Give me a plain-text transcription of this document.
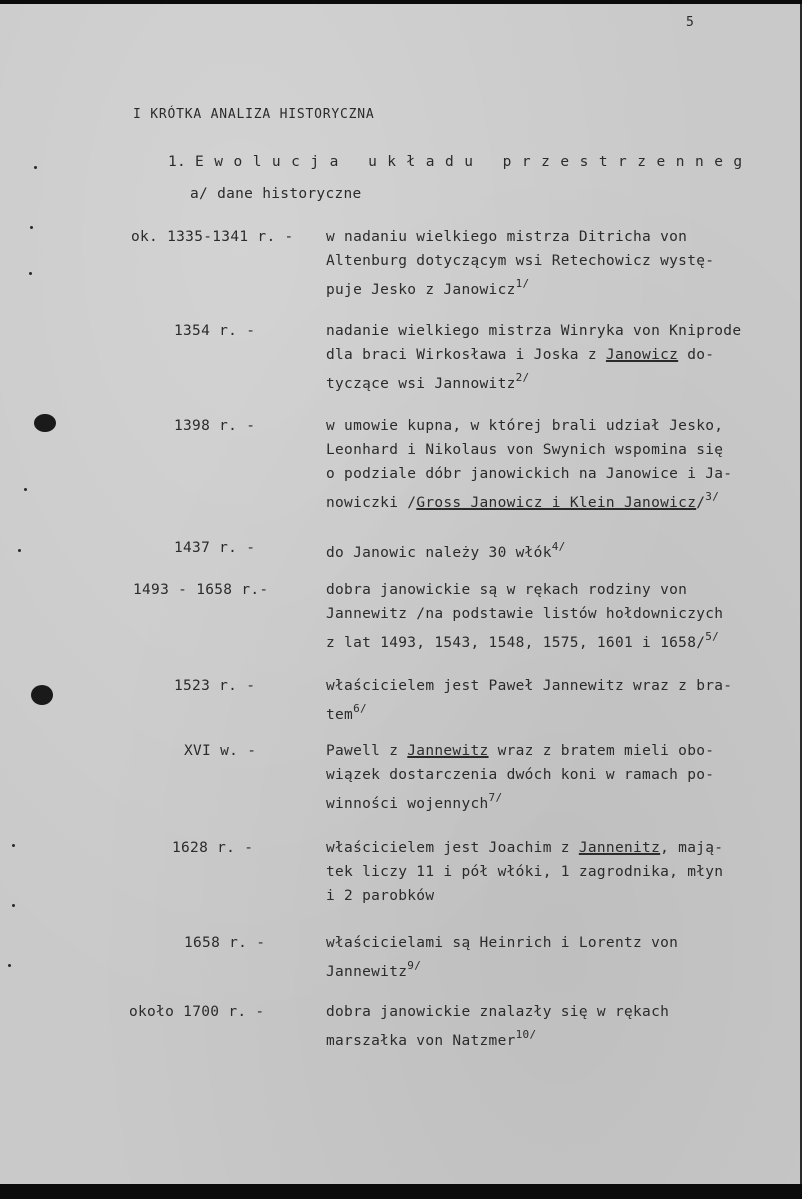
5
I KRÓTKA ANALIZA HISTORYCZNA
1. Ewolucja układu przestrzenneg
a/ dane historyczne
ok. 1335-1341 r. - w nadaniu wielkiego mistrza Ditricha von
Altenburg dotyczącym wsi Retechowicz wystę-
puje Jesko z Janowicz$^{1/}$
1354 r. -	nadanie wielkiego mistrza Winryka von Kniprode
dla braci Wirkosława i Joska z Janowicz do-
tyczące wsi Jannowitz$^{2/}$
1398 r. -	w umowie kupna, w której brali udział Jesko,
Leonhard i Nikolaus von Swynich wspomina się
o podziale dóbr janowickich na Janowice i Ja-
nowiczki /Gross Janowicz i Klein Janowicz/$^{3/}$
1437 r. -	do Janowic należy 30 włók$^{4/}$
1493 - 1658 r.-	dobra janowickie są w rękach rodziny von
Jannewitz /na podstawie listów hołdowniczych
z lat 1493, 1543, 1548, 1575, 1601 i 1658/$^{5/}$
1523 r. -	właścicielem jest Paweł Jannewitz wraz z bra-
tem$^{6/}$
XVI w. -	Pawell z Jannewitz wraz z bratem mieli obo-
wiązek dostarczenia dwóch koni w ramach po-
winności wojennych$^{7/}$
1628 r. -	właścicielem jest Joachim z Jannenitz, mają-
tek liczy 11 i pół włóki, 1 zagrodnika, młyn
i 2 parobków
1658 r. -	właścicielami są Heinrich i Lorentz von
Jannewitz$^{9/}$
około 1700 r. -	dobra janowickie znalazły się w rękach
marszałka von Natzmer$^{10/}$
